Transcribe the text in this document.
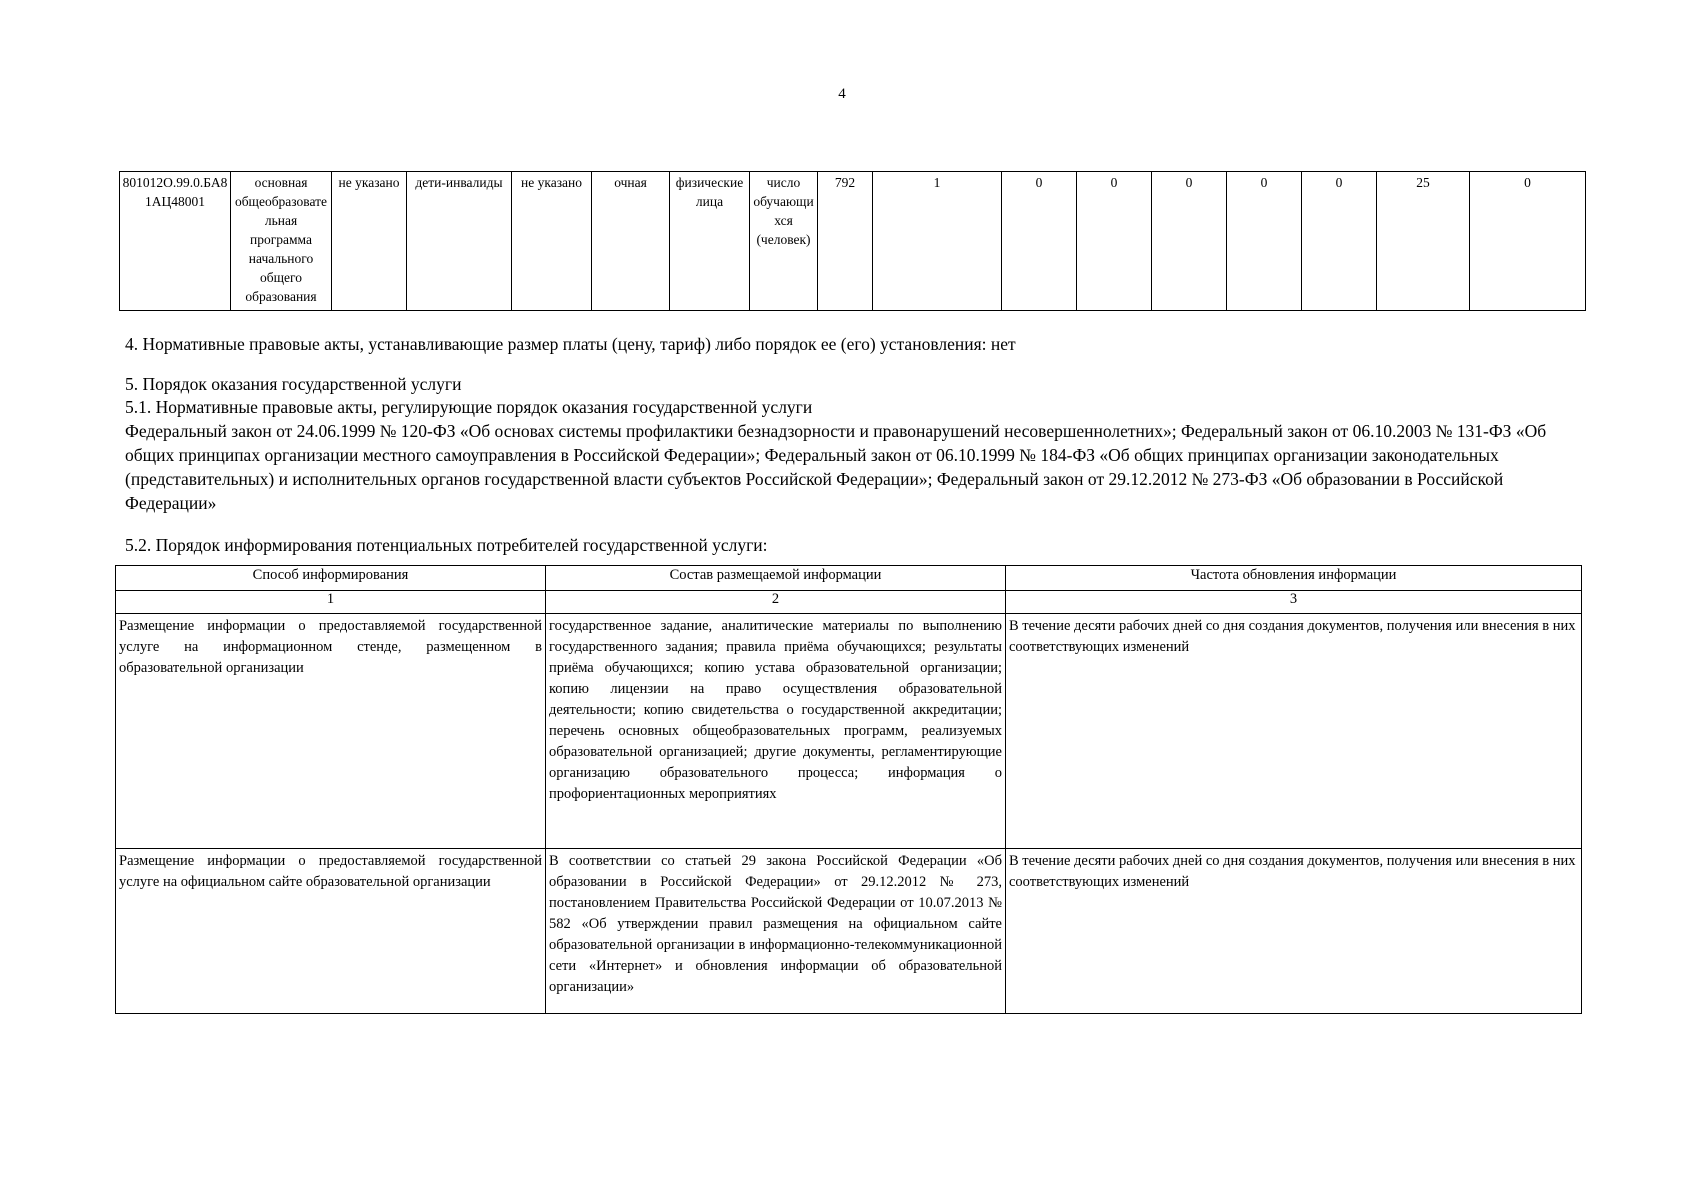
4
801012О.99.0.БА81АЦ48001	основная общеобразовательная программа начального общего образования	не указано	дети-инвалиды	не указано	очная	физические лица	число обучающихся (человек)	792	1	0	0	0	0	0	25	0
4. Нормативные правовые акты, устанавливающие размер платы (цену, тариф) либо порядок ее (его) установления: нет
5. Порядок оказания государственной услуги
5.1. Нормативные правовые акты, регулирующие порядок оказания государственной услуги
Федеральный закон от 24.06.1999 № 120-ФЗ «Об основах системы профилактики безнадзорности и правонарушений несовершеннолетних»; Федеральный закон от 06.10.2003 № 131-ФЗ «Об общих принципах организации местного самоуправления в Российской Федерации»; Федеральный закон от 06.10.1999 № 184-ФЗ «Об общих принципах организации законодательных (представительных) и исполнительных органов государственной власти субъектов Российской Федерации»; Федеральный закон от 29.12.2012 № 273-ФЗ «Об образовании в Российской Федерации»
5.2. Порядок информирования потенциальных потребителей государственной услуги:
Способ информирования	Состав размещаемой информации	Частота обновления информации
1	2	3
Размещение информации о предоставляемой государственной услуге на информационном стенде, размещенном в образовательной организации	государственное задание, аналитические материалы по выполнению государственного задания; правила приёма обучающихся; результаты приёма обучающихся; копию устава образовательной организации; копию лицензии на право осуществления образовательной деятельности; копию свидетельства о государственной аккредитации; перечень основных общеобразовательных программ, реализуемых образовательной организацией; другие документы, регламентирующие организацию образовательного процесса; информация о профориентационных мероприятиях	В течение десяти рабочих дней со дня создания документов, получения или внесения в них соответствующих изменений
Размещение информации о предоставляемой государственной услуге на официальном сайте образовательной организации	В соответствии со статьей 29 закона Российской Федерации «Об образовании в Российской Федерации» от 29.12.2012 № 273, постановлением Правительства Российской Федерации от 10.07.2013 № 582 «Об утверждении правил размещения на официальном сайте образовательной организации в информационно-телекоммуникационной сети «Интернет» и обновления информации об образовательной организации»	В течение десяти рабочих дней со дня создания документов, получения или внесения в них соответствующих изменений
